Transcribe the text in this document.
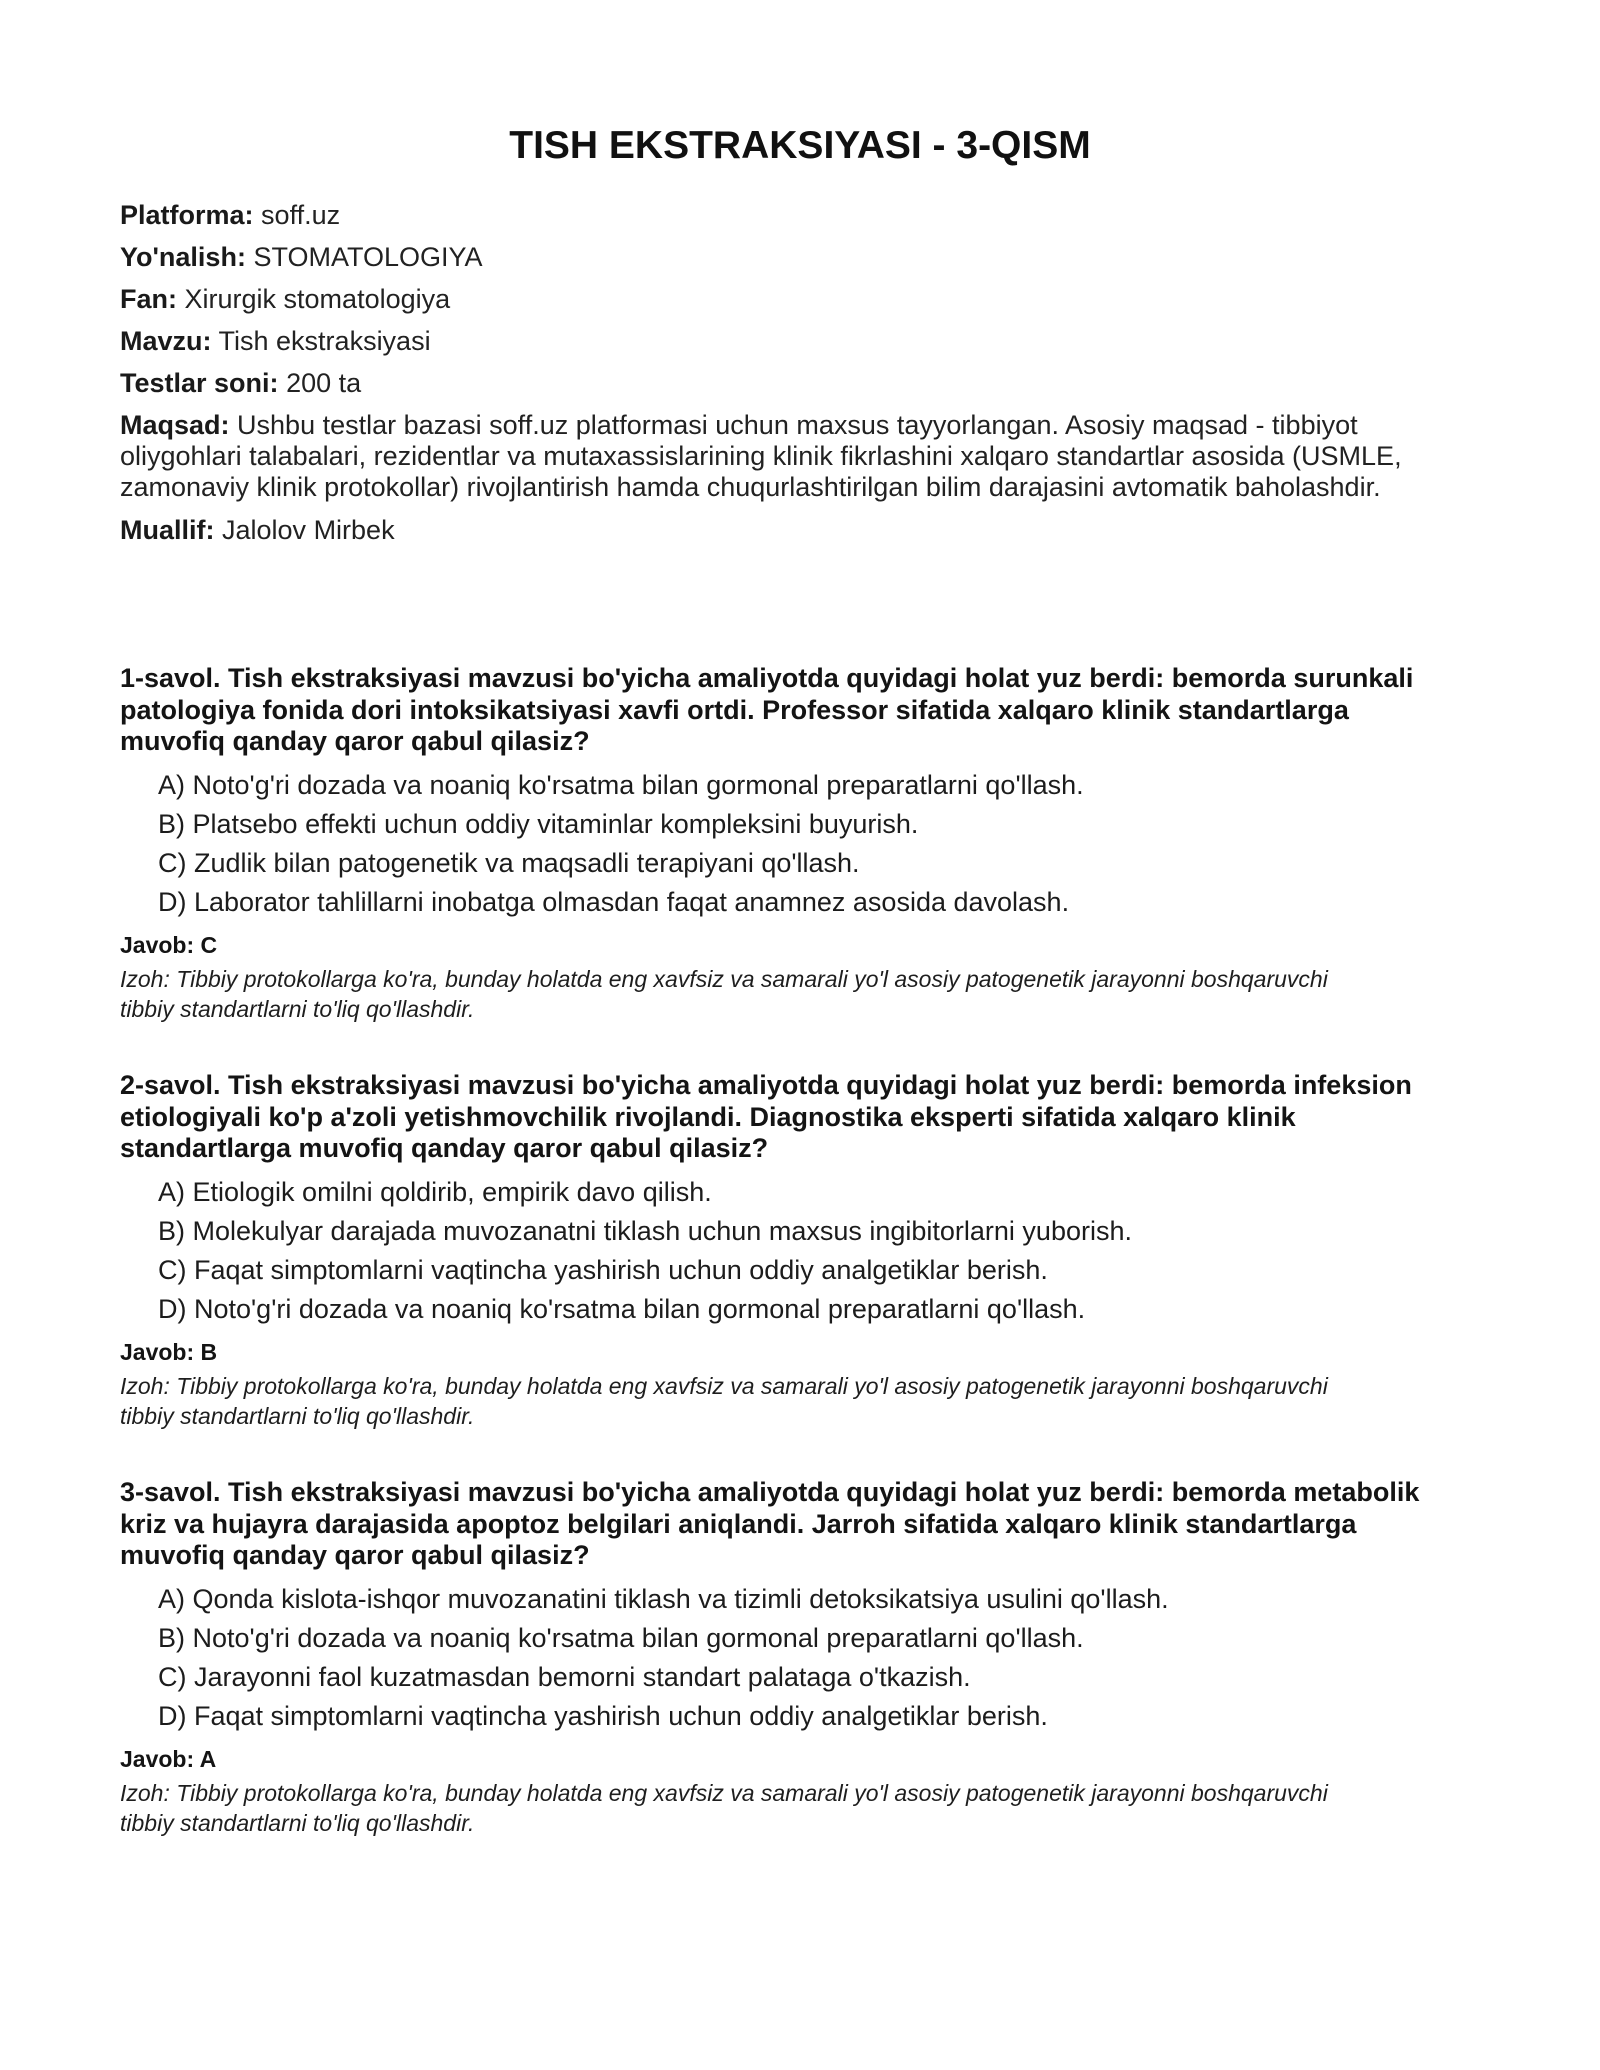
TISH EKSTRAKSIYASI - 3-QISM
Platforma: soff.uz
Yo'nalish: STOMATOLOGIYA
Fan: Xirurgik stomatologiya
Mavzu: Tish ekstraksiyasi
Testlar soni: 200 ta
Maqsad: Ushbu testlar bazasi soff.uz platformasi uchun maxsus tayyorlangan. Asosiy maqsad - tibbiyot oliygohlari talabalari, rezidentlar va mutaxassislarining klinik fikrlashini xalqaro standartlar asosida (USMLE, zamonaviy klinik protokollar) rivojlantirish hamda chuqurlashtirilgan bilim darajasini avtomatik baholashdir.
Muallif: Jalolov Mirbek
1-savol. Tish ekstraksiyasi mavzusi bo'yicha amaliyotda quyidagi holat yuz berdi: bemorda surunkali patologiya fonida dori intoksikatsiyasi xavfi ortdi. Professor sifatida xalqaro klinik standartlarga muvofiq qanday qaror qabul qilasiz?
A) Noto'g'ri dozada va noaniq ko'rsatma bilan gormonal preparatlarni qo'llash.
B) Platsebo effekti uchun oddiy vitaminlar kompleksini buyurish.
C) Zudlik bilan patogenetik va maqsadli terapiyani qo'llash.
D) Laborator tahlillarni inobatga olmasdan faqat anamnez asosida davolash.
Javob: C
Izoh: Tibbiy protokollarga ko'ra, bunday holatda eng xavfsiz va samarali yo'l asosiy patogenetik jarayonni boshqaruvchi tibbiy standartlarni to'liq qo'llashdir.
2-savol. Tish ekstraksiyasi mavzusi bo'yicha amaliyotda quyidagi holat yuz berdi: bemorda infeksion etiologiyali ko'p a'zoli yetishmovchilik rivojlandi. Diagnostika eksperti sifatida xalqaro klinik standartlarga muvofiq qanday qaror qabul qilasiz?
A) Etiologik omilni qoldirib, empirik davo qilish.
B) Molekulyar darajada muvozanatni tiklash uchun maxsus ingibitorlarni yuborish.
C) Faqat simptomlarni vaqtincha yashirish uchun oddiy analgetiklar berish.
D) Noto'g'ri dozada va noaniq ko'rsatma bilan gormonal preparatlarni qo'llash.
Javob: B
Izoh: Tibbiy protokollarga ko'ra, bunday holatda eng xavfsiz va samarali yo'l asosiy patogenetik jarayonni boshqaruvchi tibbiy standartlarni to'liq qo'llashdir.
3-savol. Tish ekstraksiyasi mavzusi bo'yicha amaliyotda quyidagi holat yuz berdi: bemorda metabolik kriz va hujayra darajasida apoptoz belgilari aniqlandi. Jarroh sifatida xalqaro klinik standartlarga muvofiq qanday qaror qabul qilasiz?
A) Qonda kislota-ishqor muvozanatini tiklash va tizimli detoksikatsiya usulini qo'llash.
B) Noto'g'ri dozada va noaniq ko'rsatma bilan gormonal preparatlarni qo'llash.
C) Jarayonni faol kuzatmasdan bemorni standart palataga o'tkazish.
D) Faqat simptomlarni vaqtincha yashirish uchun oddiy analgetiklar berish.
Javob: A
Izoh: Tibbiy protokollarga ko'ra, bunday holatda eng xavfsiz va samarali yo'l asosiy patogenetik jarayonni boshqaruvchi tibbiy standartlarni to'liq qo'llashdir.
